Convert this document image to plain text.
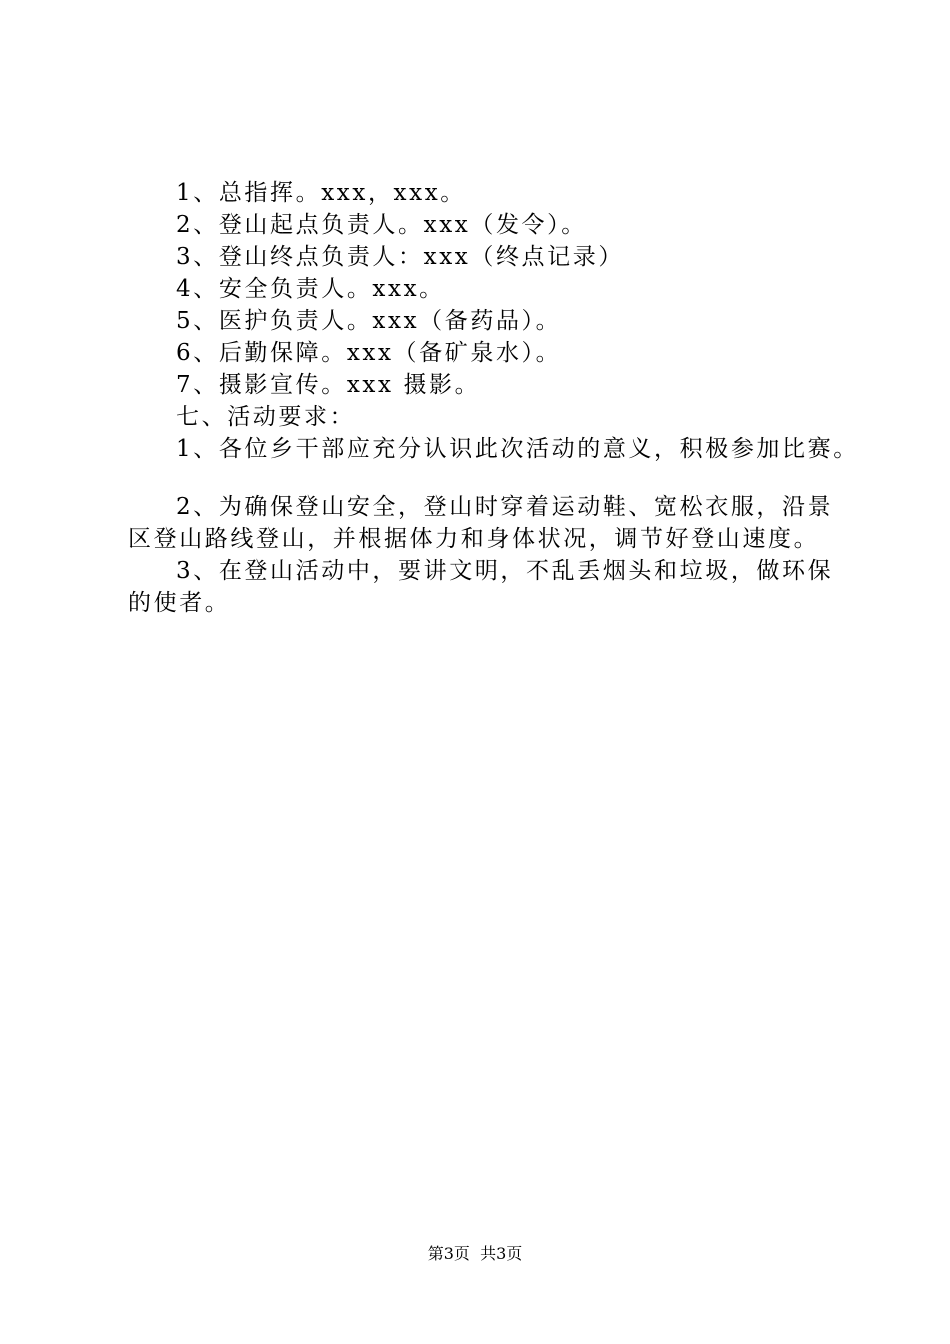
1、总指挥。xxx，xxx。
2、登山起点负责人。xxx（发令）。
3、登山终点负责人：xxx（终点记录）
4、安全负责人。xxx。
5、医护负责人。xxx（备药品）。
6、后勤保障。xxx（备矿泉水）。
7、摄影宣传。xxx 摄影。
七、活动要求：
1、各位乡干部应充分认识此次活动的意义，积极参加比赛。
2、为确保登山安全，登山时穿着运动鞋、宽松衣服，沿景
区登山路线登山，并根据体力和身体状况，调节好登山速度。
3、在登山活动中，要讲文明，不乱丢烟头和垃圾，做环保
的使者。
第3页  共3页
